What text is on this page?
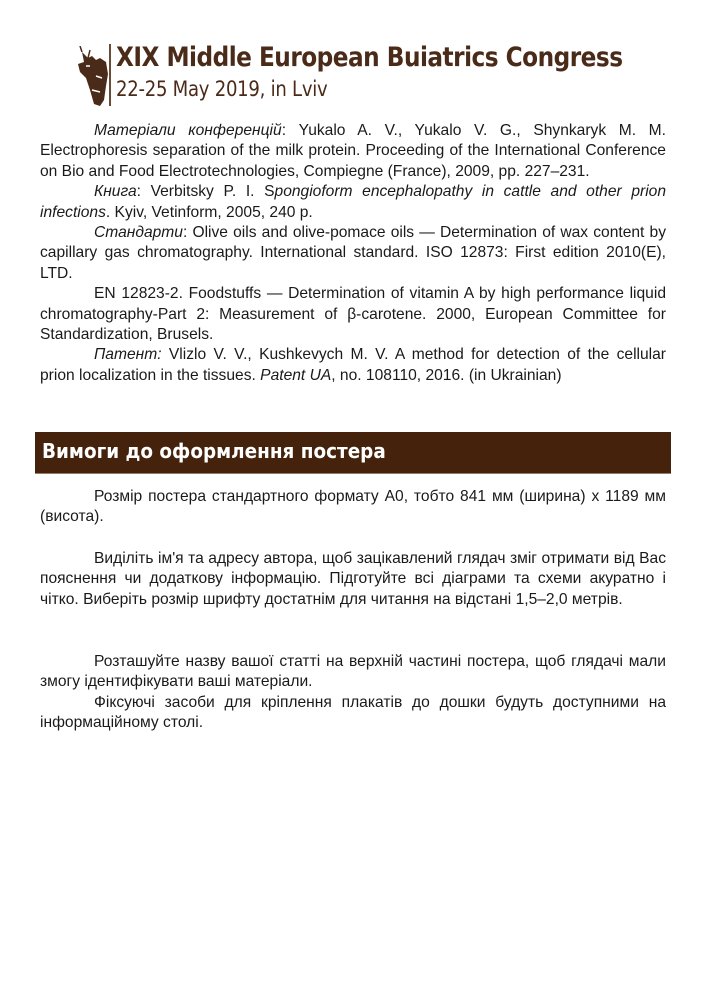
XIX Middle European Buiatrics Congress
22-25 May 2019, in Lviv

Матеріали конференцій: Yukalo A. V., Yukalo V. G., Shynkaryk M. M. Electrophoresis separation of the milk protein. Proceeding of the International Conference on Bio and Food Electrotechnologies, Compiegne (France), 2009, pp. 227–231.

Книга: Verbitsky P. I. Spongioform encephalopathy in cattle and other prion infections. Kyiv, Vetinform, 2005, 240 p.

Стандарти: Olive oils and olive-pomace oils — Determination of wax content by capillary gas chromatography. International standard. ISO 12873: First edition 2010(E), LTD.

EN 12823-2. Foodstuffs — Determination of vitamin A by high performance liquid chromatography-Part 2: Measurement of β-carotene. 2000, European Committee for Standardization, Brusels.

Патент: Vlizlo V. V., Kushkevych M. V. A method for detection of the cellular prion localization in the tissues. Patent UA, no. 108110, 2016. (in Ukrainian)

Вимоги до оформлення постера

Розмір постера стандартного формату А0, тобто 841 мм (ширина) х 1189 мм (висота).

Виділіть ім'я та адресу автора, щоб зацікавлений глядач зміг отримати від Вас пояснення чи додаткову інформацію. Підготуйте всі діаграми та схеми акуратно і чітко. Виберіть розмір шрифту достатнім для читання на відстані 1,5–2,0 метрів.

Розташуйте назву вашої статті на верхній частині постера, щоб глядачі мали змогу ідентифікувати ваші матеріали.

Фіксуючі засоби для кріплення плакатів до дошки будуть доступними на інформаційному столі.
